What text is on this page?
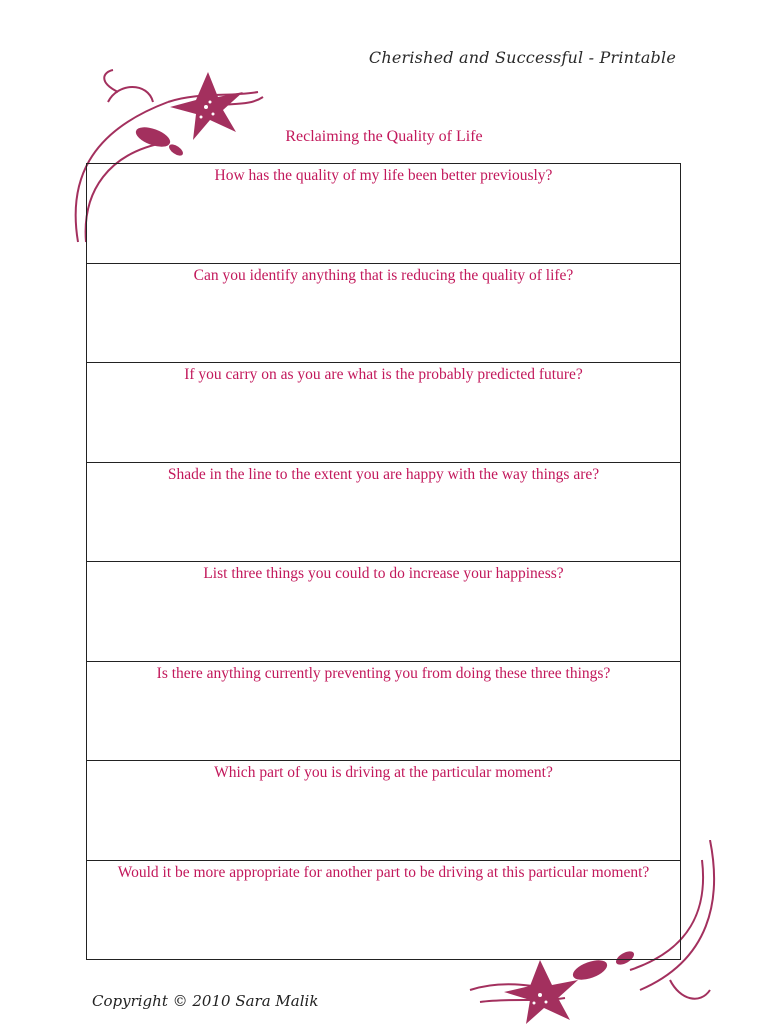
Cherished and Successful - Printable
Reclaiming the Quality of Life
How has the quality of my life been better previously?
Can you identify anything that is reducing the quality of life?
If you carry on as you are what is the probably predicted future?
Shade in the line to the extent you are happy with the way things are?
List three things you could to do increase your happiness?
Is there anything currently preventing you from doing these three things?
Which part of you is driving at the particular moment?
Would it be more appropriate for another part to be driving at this particular moment?
Copyright © 2010 Sara Malik
